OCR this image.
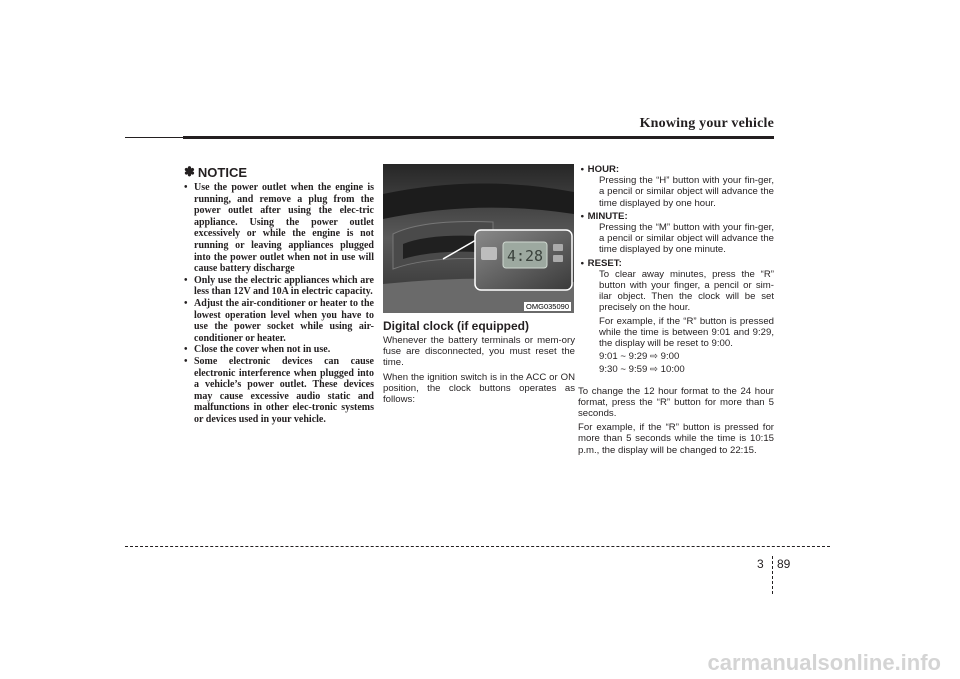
Knowing your vehicle
✽ NOTICE
• Use the power outlet when the engine is running, and remove a plug from the power outlet after using the elec-tric appliance. Using the power outlet excessively or while the engine is not running or leaving appliances plugged into the power outlet when not in use will cause battery discharge
• Only use the electric appliances which are less than 12V and 10A in electric capacity.
• Adjust the air-conditioner or heater to the lowest operation level when you have to use the power socket while using air-conditioner or heater.
• Close the cover when not in use.
• Some electronic devices can cause electronic interference when plugged into a vehicle’s power outlet. These devices may cause excessive audio static and malfunctions in other elec-tronic systems or devices used in your vehicle.
4:28
OMG035090
Digital clock (if equipped)

Whenever the battery terminals or mem-ory fuse are disconnected, you must reset the time.

When the ignition switch is in the ACC or ON position, the clock buttons operates as follows:

• HOUR:

Pressing the “H” button with your fin-ger, a pencil or similar object will advance the time displayed by one hour.

• MINUTE:

Pressing the “M” button with your fin-ger, a pencil or similar object will advance the time displayed by one minute.

• RESET:

To clear away minutes, press the “R” button with your finger, a pencil or sim-ilar object. Then the clock will be set precisely on the hour.

For example, if the “R” button is pressed while the time is between 9:01 and 9:29, the display will be reset to 9:00.

9:01 ~ 9:29 ⇨ 9:00

9:30 ~ 9:59 ⇨ 10:00

To change the 12 hour format to the 24 hour format, press the “R” button for more than 5 seconds.

For example, if the “R” button is pressed for more than 5 seconds while the time is 10:15 p.m., the display will be changed to 22:15.

3 89
carmanualsonline.info
